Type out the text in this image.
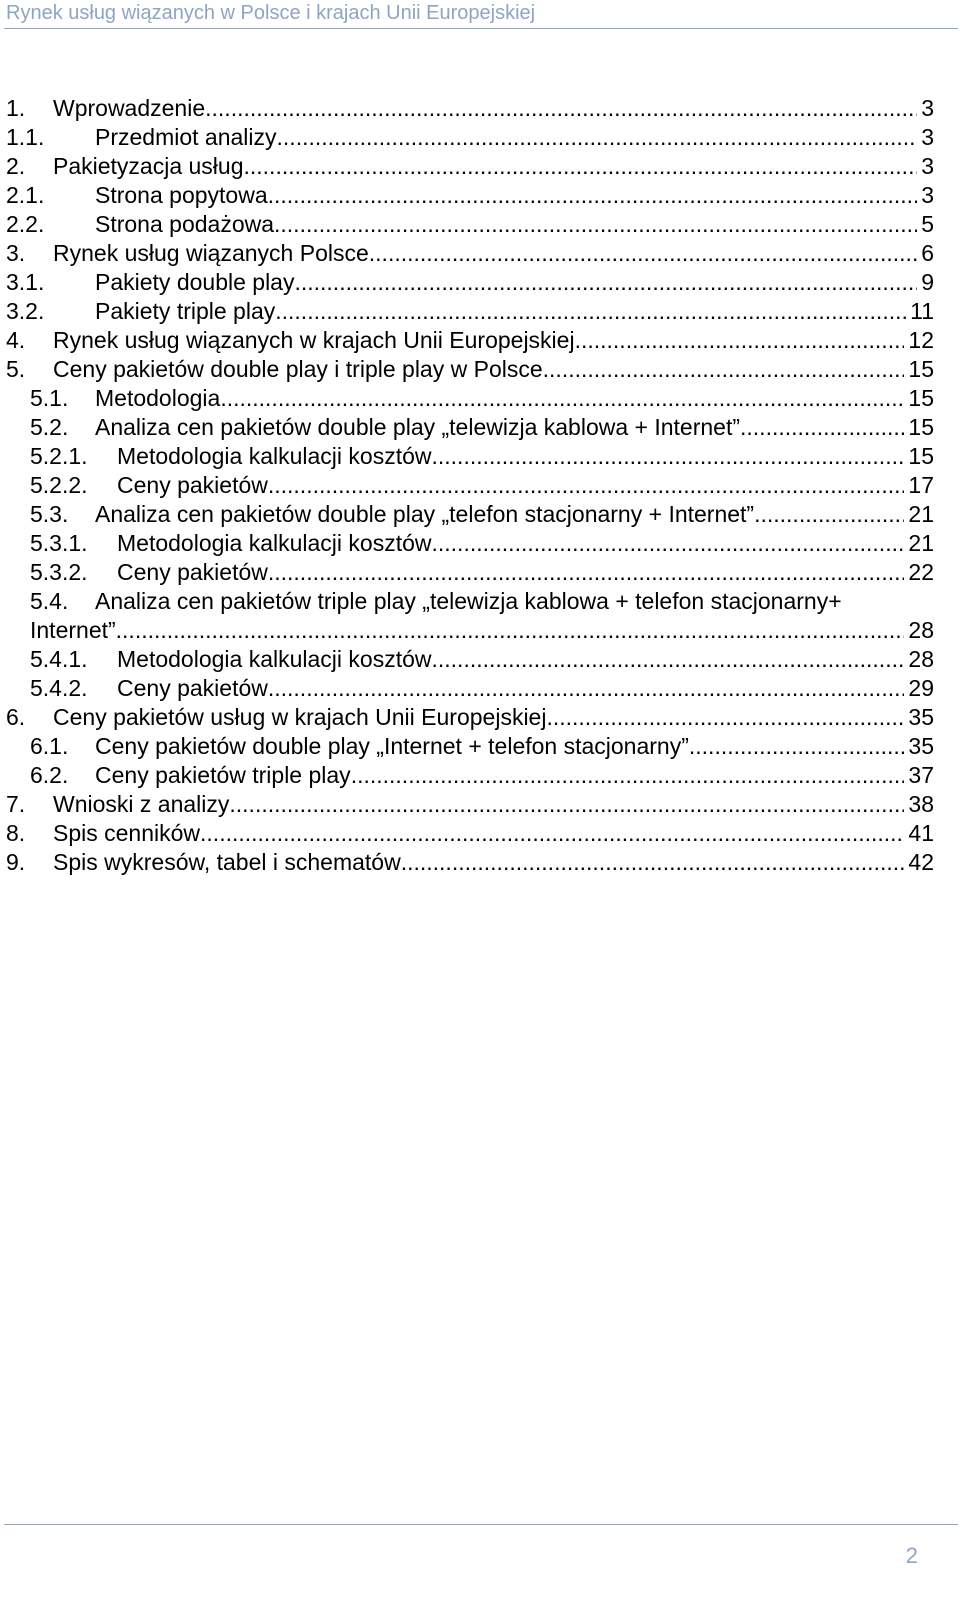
Rynek usług wiązanych w Polsce i krajach Unii Europejskiej
1. Wprowadzenie .....	3
1.1. Przedmiot analizy .....	3
2. Pakietyzacja usług .....	3
2.1. Strona popytowa .....	3
2.2. Strona podażowa .....	5
3. Rynek usług wiązanych Polsce .....	6
3.1. Pakiety double play .....	9
3.2. Pakiety triple play .....	11
4. Rynek usług wiązanych w krajach Unii Europejskiej .....	12
5. Ceny pakietów double play i triple play w Polsce .....	15
5.1. Metodologia .....	15
5.2. Analiza cen pakietów double play „telewizja kablowa + Internet” .....	15
5.2.1. Metodologia kalkulacji kosztów .....	15
5.2.2. Ceny pakietów .....	17
5.3. Analiza cen pakietów double play „telefon stacjonarny + Internet” .....	21
5.3.1. Metodologia kalkulacji kosztów .....	21
5.3.2. Ceny pakietów .....	22
5.4. Analiza cen pakietów triple play „telewizja kablowa + telefon stacjonarny+
Internet” .....	28
5.4.1. Metodologia kalkulacji kosztów .....	28
5.4.2. Ceny pakietów .....	29
6. Ceny pakietów usług w krajach Unii Europejskiej .....	35
6.1. Ceny pakietów double play „Internet + telefon stacjonarny” .....	35
6.2. Ceny pakietów triple play .....	37
7. Wnioski z analizy .....	38
8. Spis cenników .....	41
9. Spis wykresów, tabel i schematów .....	42
2
